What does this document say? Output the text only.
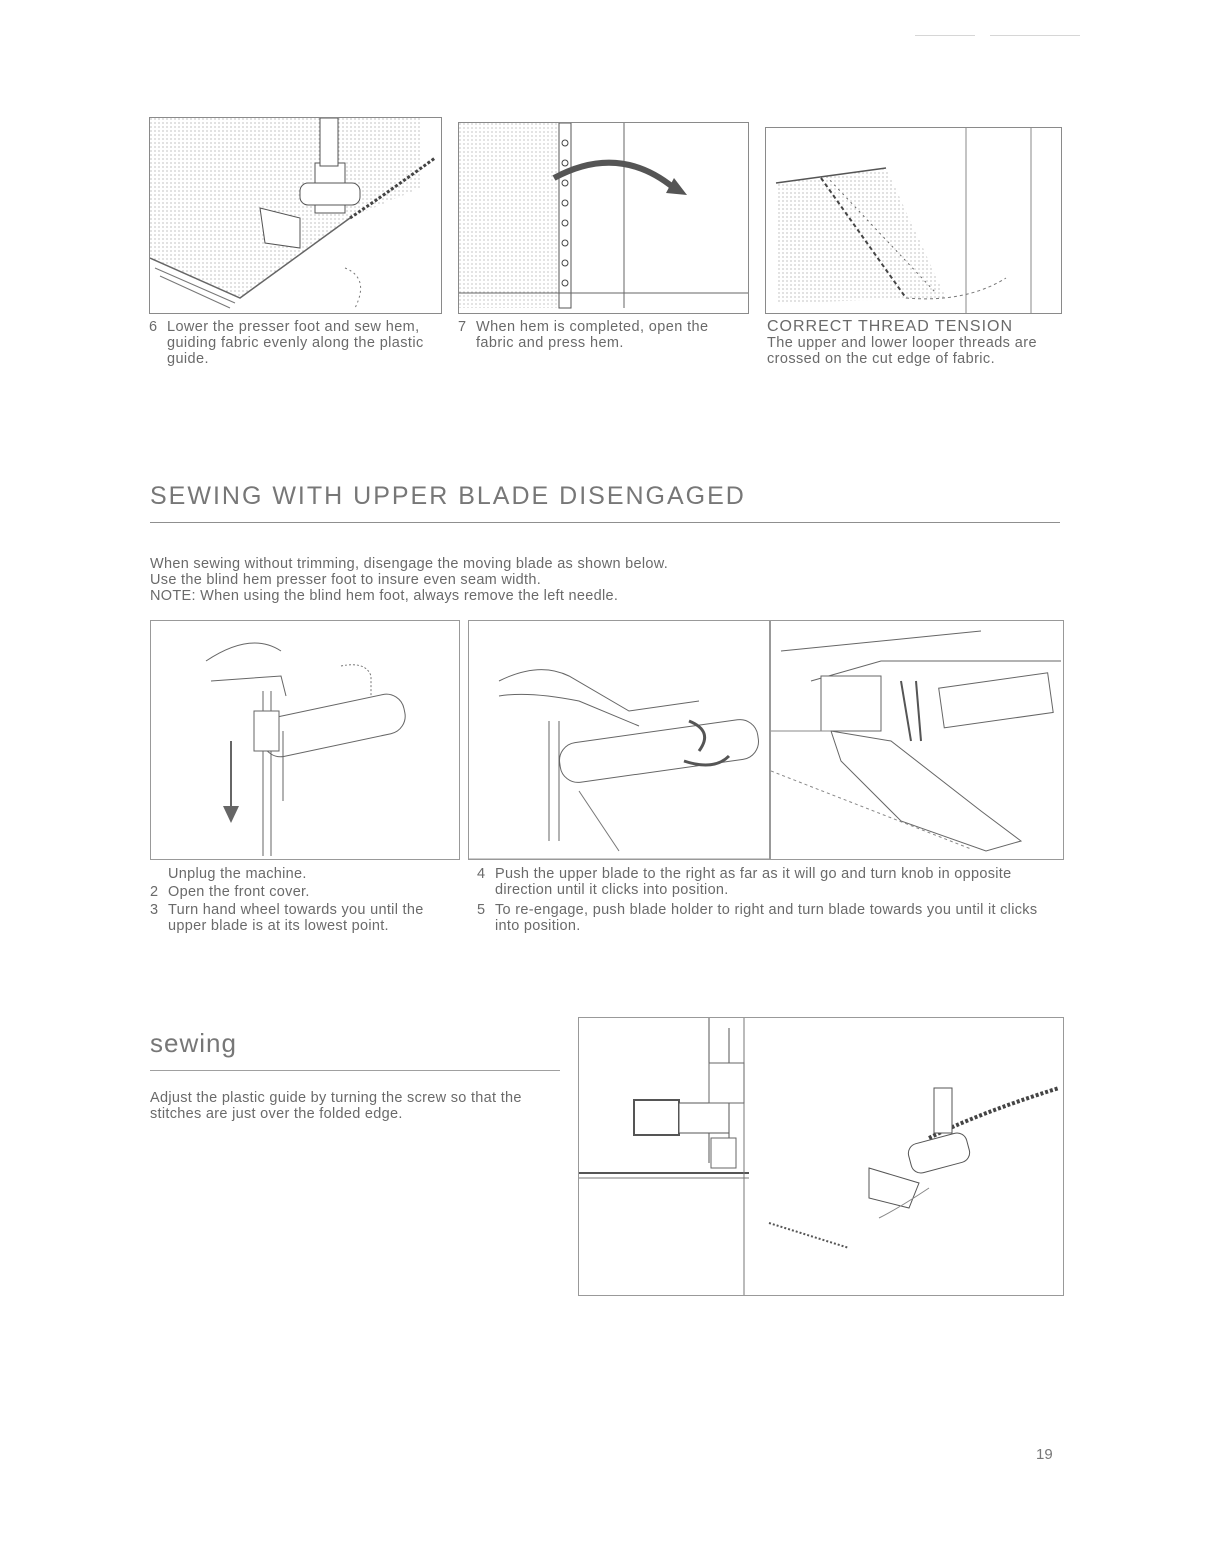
6 Lower the presser foot and sew hem, guiding fabric evenly along the plastic guide.
7 When hem is completed, open the fabric and press hem.
CORRECT THREAD TENSION
The upper and lower looper threads are crossed on the cut edge of fabric.
SEWING WITH UPPER BLADE DISENGAGED
When sewing without trimming, disengage the moving blade as shown below.
Use the blind hem presser foot to insure even seam width.
NOTE: When using the blind hem foot, always remove the left needle.
1 Unplug the machine.
2 Open the front cover.
3 Turn hand wheel towards you until the upper blade is at its lowest point.
4 Push the upper blade to the right as far as it will go and turn knob in opposite direction until it clicks into position.
5 To re-engage, push blade holder to right and turn blade towards you until it clicks into position.
sewing
Adjust the plastic guide by turning the screw so that the stitches are just over the folded edge.
19
